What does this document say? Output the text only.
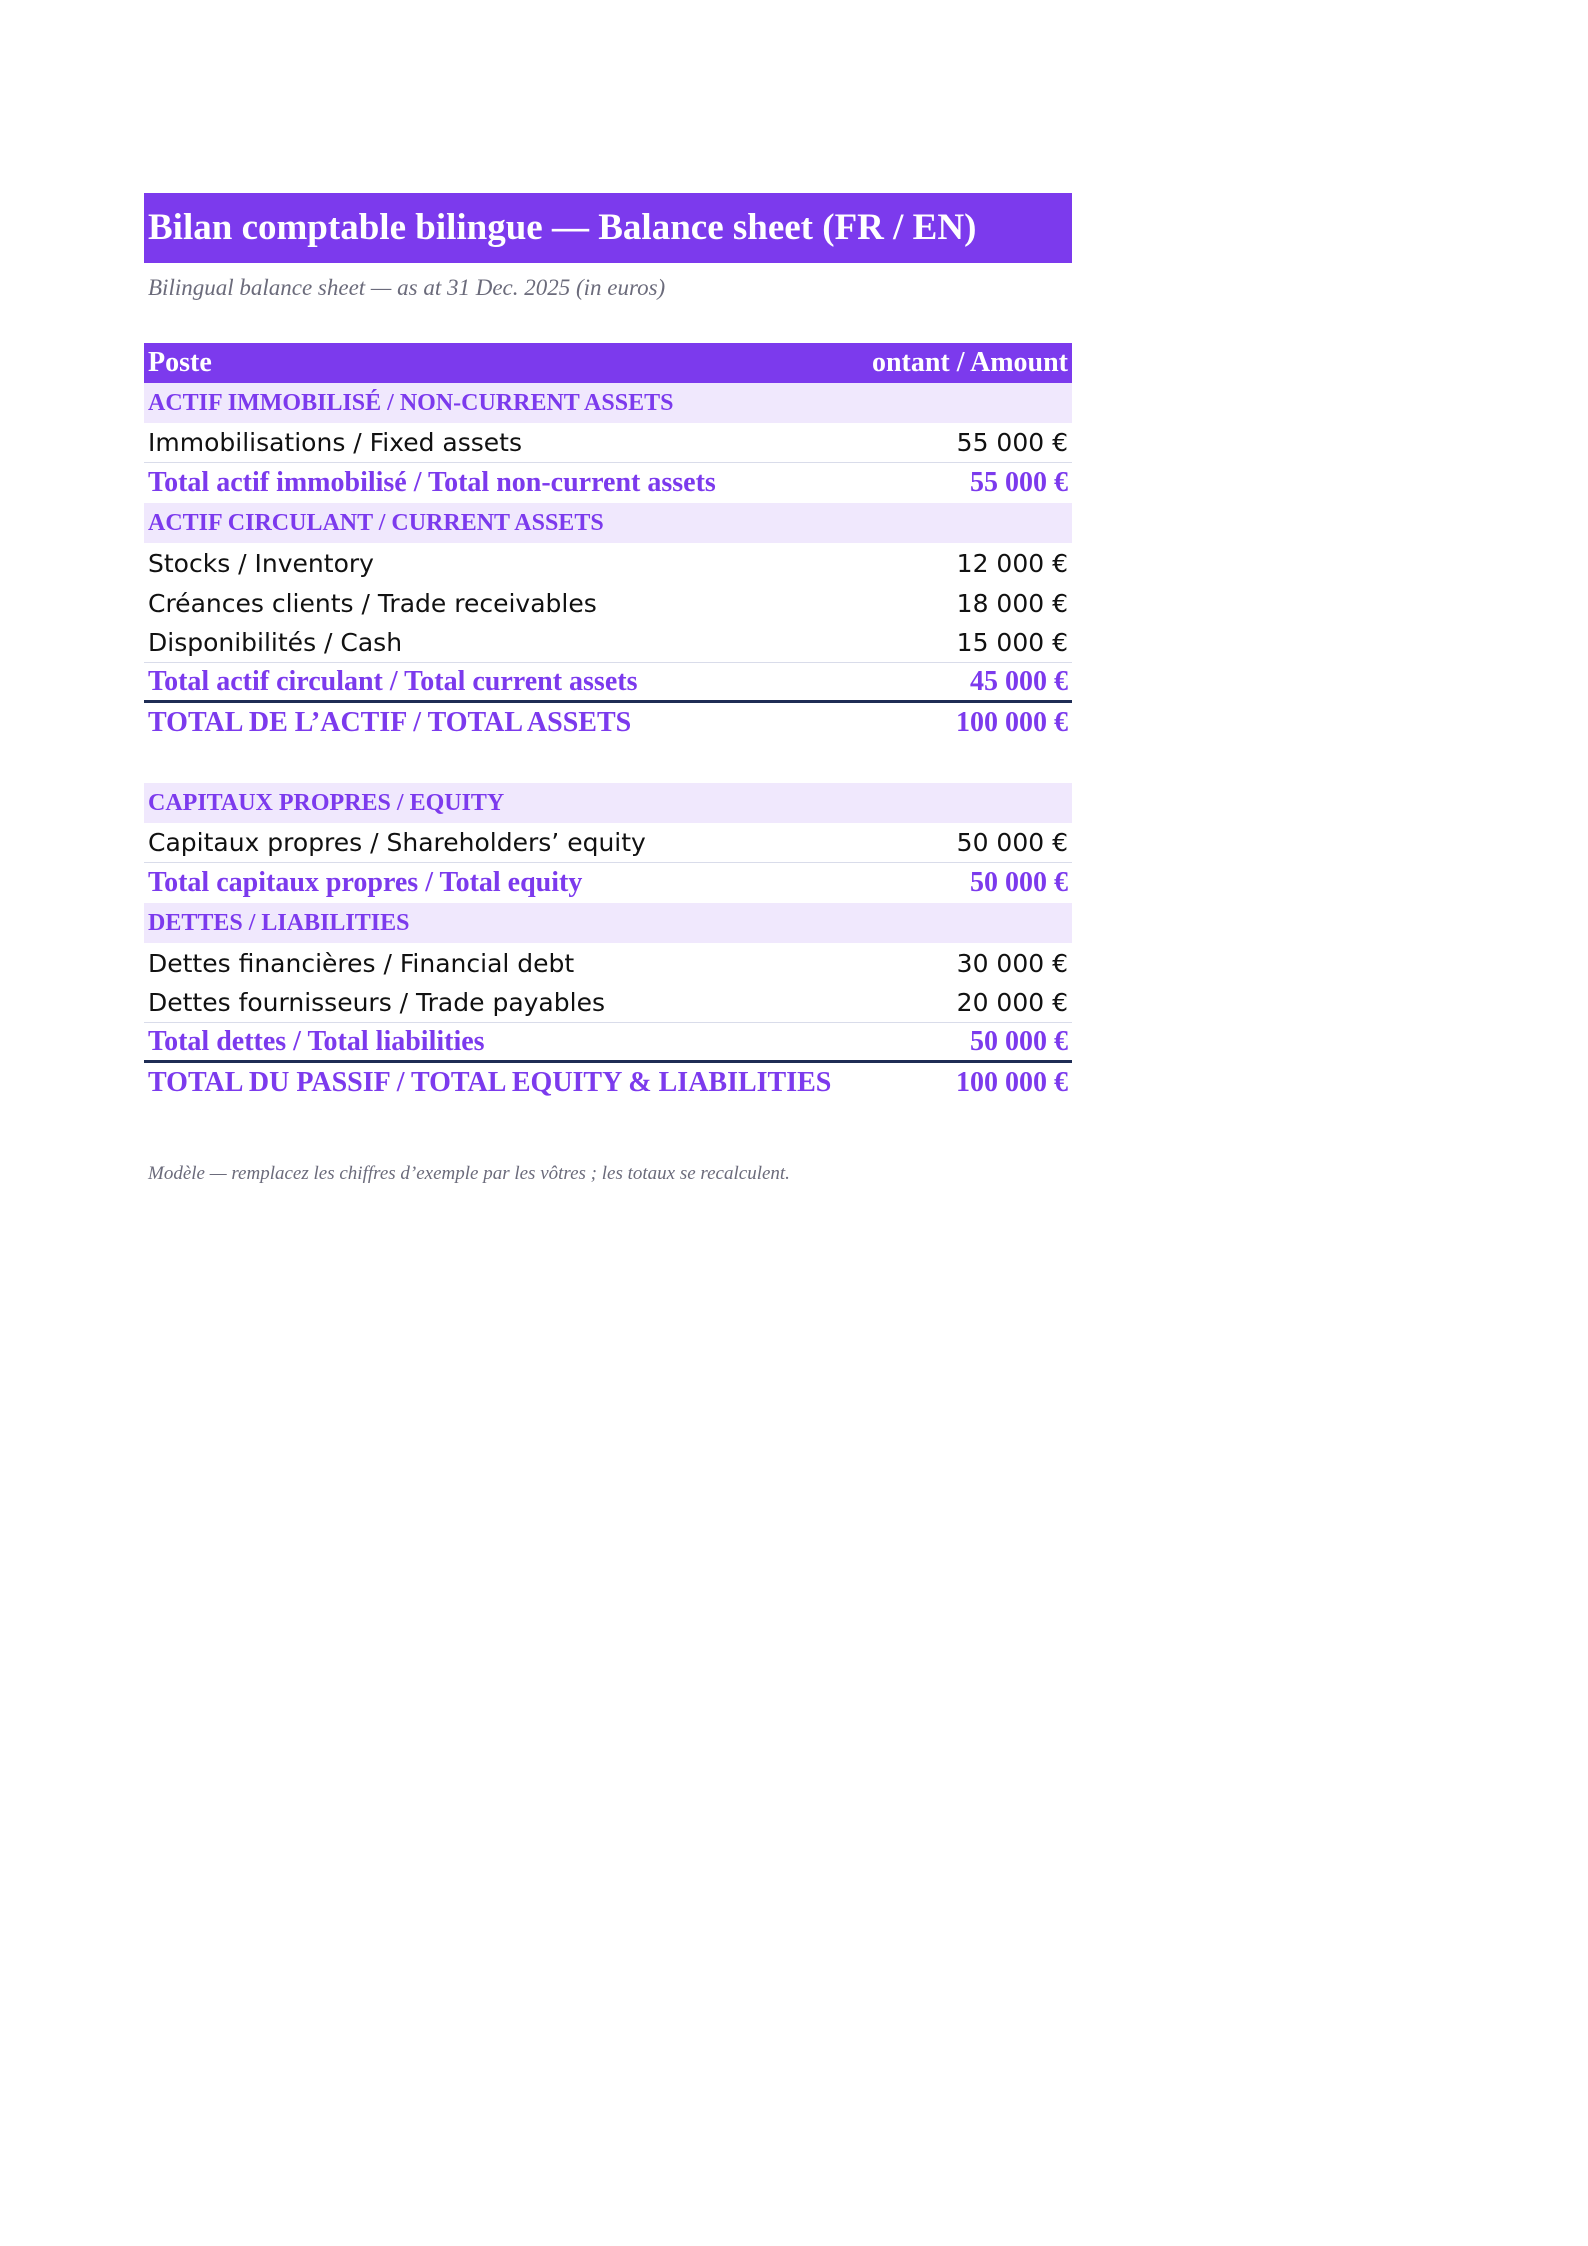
Bilan comptable bilingue — Balance sheet (FR / EN)
Bilingual balance sheet — as at 31 Dec. 2025 (in euros)
Poste	ontant / Amount
ACTIF IMMOBILISÉ / NON-CURRENT ASSETS
Immobilisations / Fixed assets	55 000 €
Total actif immobilisé / Total non-current assets	55 000 €
ACTIF CIRCULANT / CURRENT ASSETS
Stocks / Inventory	12 000 €
Créances clients / Trade receivables	18 000 €
Disponibilités / Cash	15 000 €
Total actif circulant / Total current assets	45 000 €
TOTAL DE L’ACTIF / TOTAL ASSETS	100 000 €
CAPITAUX PROPRES / EQUITY
Capitaux propres / Shareholders’ equity	50 000 €
Total capitaux propres / Total equity	50 000 €
DETTES / LIABILITIES
Dettes financières / Financial debt	30 000 €
Dettes fournisseurs / Trade payables	20 000 €
Total dettes / Total liabilities	50 000 €
TOTAL DU PASSIF / TOTAL EQUITY & LIABILITIES	100 000 €
Modèle — remplacez les chiffres d’exemple par les vôtres ; les totaux se recalculent.
